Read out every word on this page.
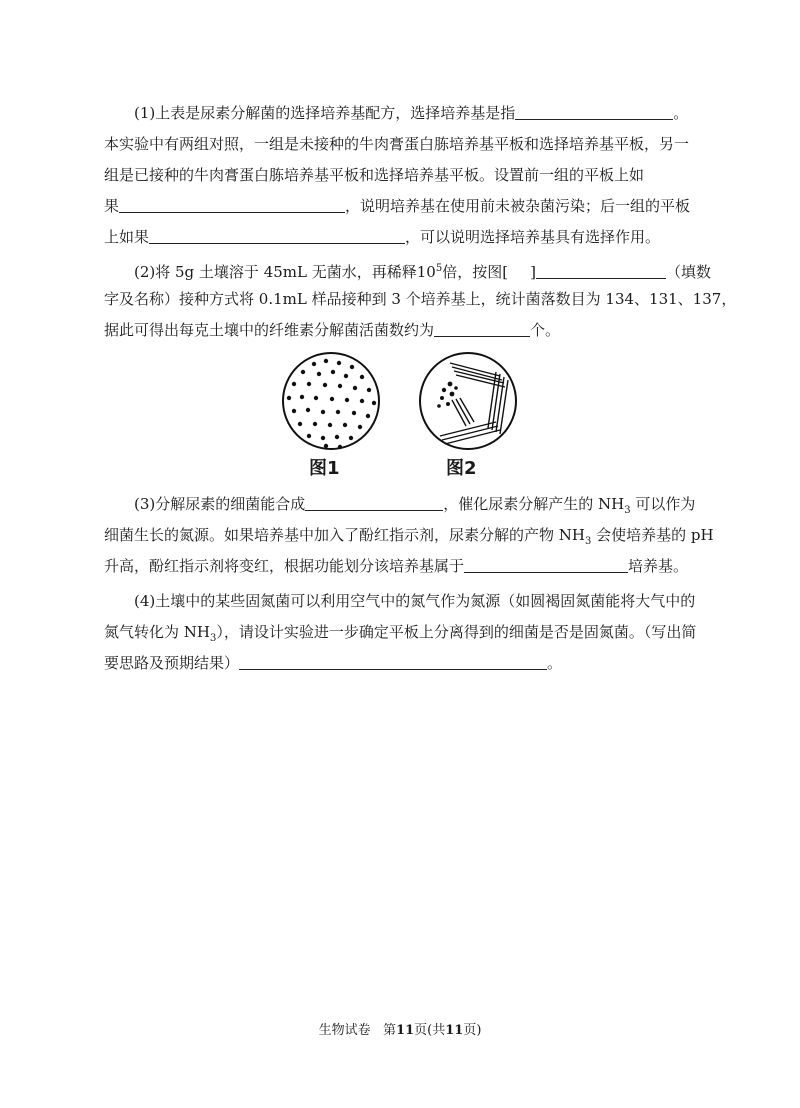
(1)上表是尿素分解菌的选择培养基配方，选择培养基是指	。
本实验中有两组对照，一组是未接种的牛肉膏蛋白胨培养基平板和选择培养基平板，另一
组是已接种的牛肉膏蛋白胨培养基平板和选择培养基平板。设置前一组的平板上如
果	，说明培养基在使用前未被杂菌污染；后一组的平板
上如果	，可以说明选择培养基具有选择作用。
(2)将 5g 土壤溶于 45mL 无菌水，再稀释$10^5$倍，按图[ ]	（填数
字及名称）接种方式将 0.1mL 样品接种到 3 个培养基上，统计菌落数目为 134、131、137，
据此可得出每克土壤中的纤维素分解菌活菌数约为	个。
图1	图2
(3)分解尿素的细菌能合成	，催化尿素分解产生的 $NH_3$ 可以作为
细菌生长的氮源。如果培养基中加入了酚红指示剂，尿素分解的产物 $NH_3$ 会使培养基的 pH
升高，酚红指示剂将变红，根据功能划分该培养基属于	培养基。
(4)土壤中的某些固氮菌可以利用空气中的氮气作为氮源（如圆褐固氮菌能将大气中的
氮气转化为 $NH_3$），请设计实验进一步确定平板上分离得到的细菌是否是固氮菌。（写出简
要思路及预期结果）	。
生物试卷 第11页(共11页)
